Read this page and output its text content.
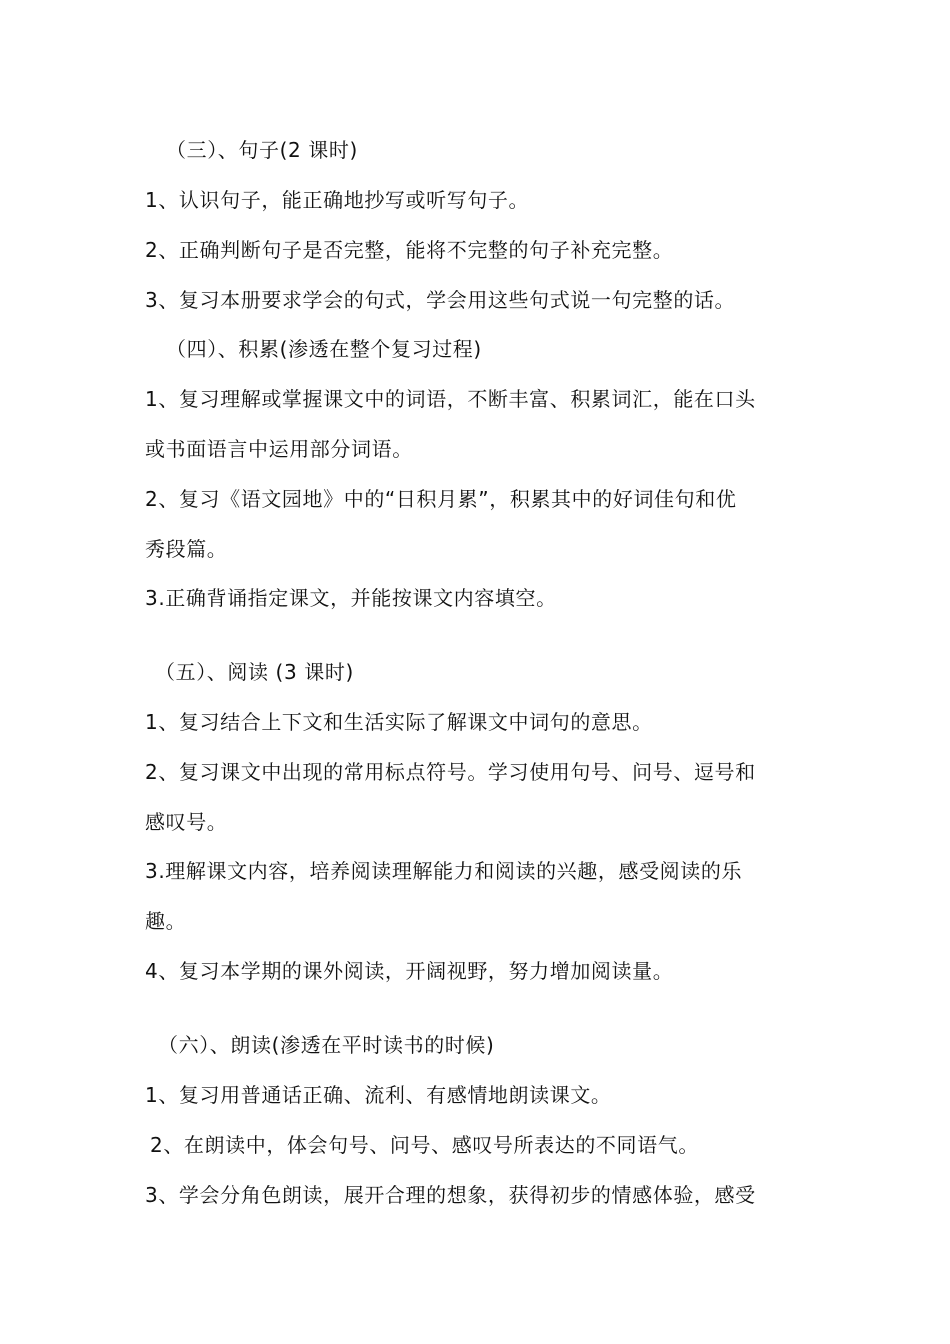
（三）、句子(2 课时)
1、认识句子，能正确地抄写或听写句子。
2、正确判断句子是否完整，能将不完整的句子补充完整。
3、复习本册要求学会的句式，学会用这些句式说一句完整的话。
（四）、积累(渗透在整个复习过程)
1、复习理解或掌握课文中的词语，不断丰富、积累词汇，能在口头
或书面语言中运用部分词语。
2、复习《语文园地》中的“日积月累”，积累其中的好词佳句和优
秀段篇。
3.正确背诵指定课文，并能按课文内容填空。
（五）、阅读 (3 课时)
1、复习结合上下文和生活实际了解课文中词句的意思。
2、复习课文中出现的常用标点符号。学习使用句号、问号、逗号和
感叹号。
3.理解课文内容，培养阅读理解能力和阅读的兴趣，感受阅读的乐
趣。
4、复习本学期的课外阅读，开阔视野，努力增加阅读量。
（六）、朗读(渗透在平时读书的时候)
1、复习用普通话正确、流利、有感情地朗读课文。
2、在朗读中，体会句号、问号、感叹号所表达的不同语气。
3、学会分角色朗读，展开合理的想象，获得初步的情感体验，感受
